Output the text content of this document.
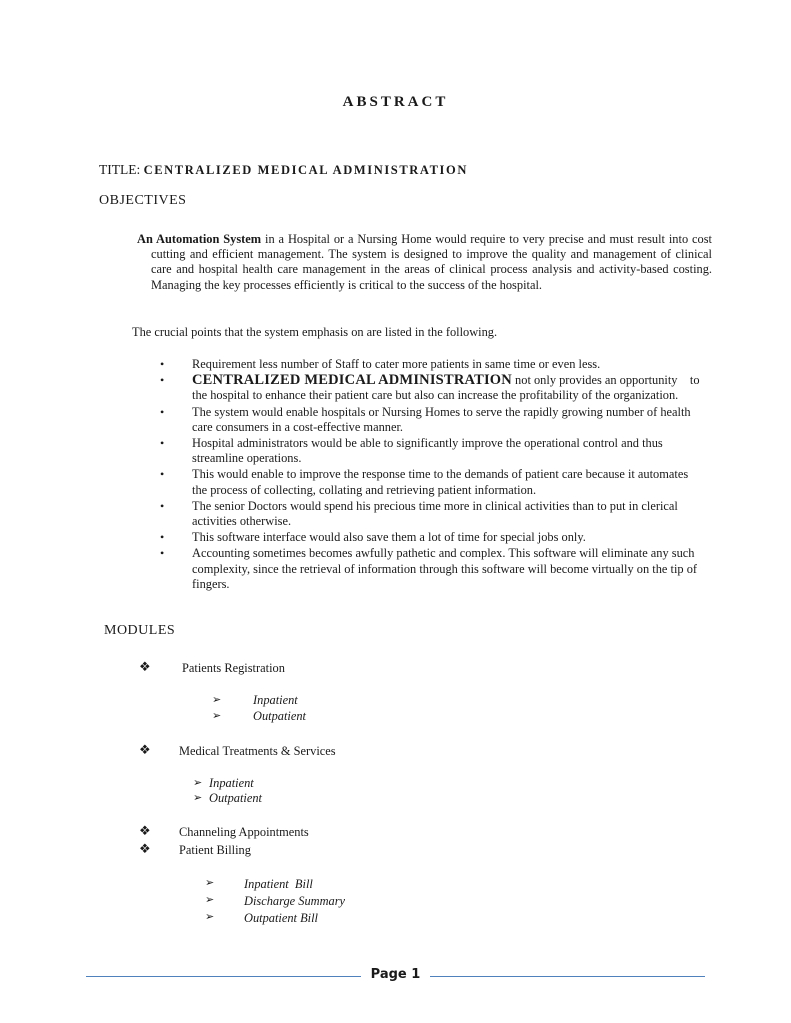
ABSTRACT
TITLE: CENTRALIZED MEDICAL ADMINISTRATION
OBJECTIVES
An Automation System in a Hospital or a Nursing Home would require to very precise and must result into cost cutting and efficient management. The system is designed to improve the quality and management of clinical care and hospital health care management in the areas of clinical process analysis and activity-based costing. Managing the key processes efficiently is critical to the success of the hospital.
The crucial points that the system emphasis on are listed in the following.
• Requirement less number of Staff to cater more patients in same time or even less.
• CENTRALIZED MEDICAL ADMINISTRATION not only provides an opportunity    to      the hospital to enhance their patient care but also can increase the profitability of the organization.
• The system would enable hospitals or Nursing Homes to serve the rapidly growing number of health care consumers in a cost-effective manner.
• Hospital administrators would be able to significantly improve the operational control and thus streamline operations.
• This would enable to improve the response time to the demands of patient care because it automates the process of collecting, collating and retrieving patient information.
• The senior Doctors would spend his precious time more in clinical activities than to put in clerical activities otherwise.
• This software interface would also save them a lot of time for special jobs only.
• Accounting sometimes becomes awfully pathetic and complex. This software will eliminate any such complexity, since the retrieval of information through this software will become virtually on the tip of fingers.
MODULES
❖	Patients Registration
➢	Inpatient
➢	Outpatient
❖ Medical Treatments & Services
➢ Inpatient
➢ Outpatient
❖ Channeling Appointments
❖ Patient Billing
➢ Inpatient  Bill
➢ Discharge Summary
➢ Outpatient Bill
Page 1
